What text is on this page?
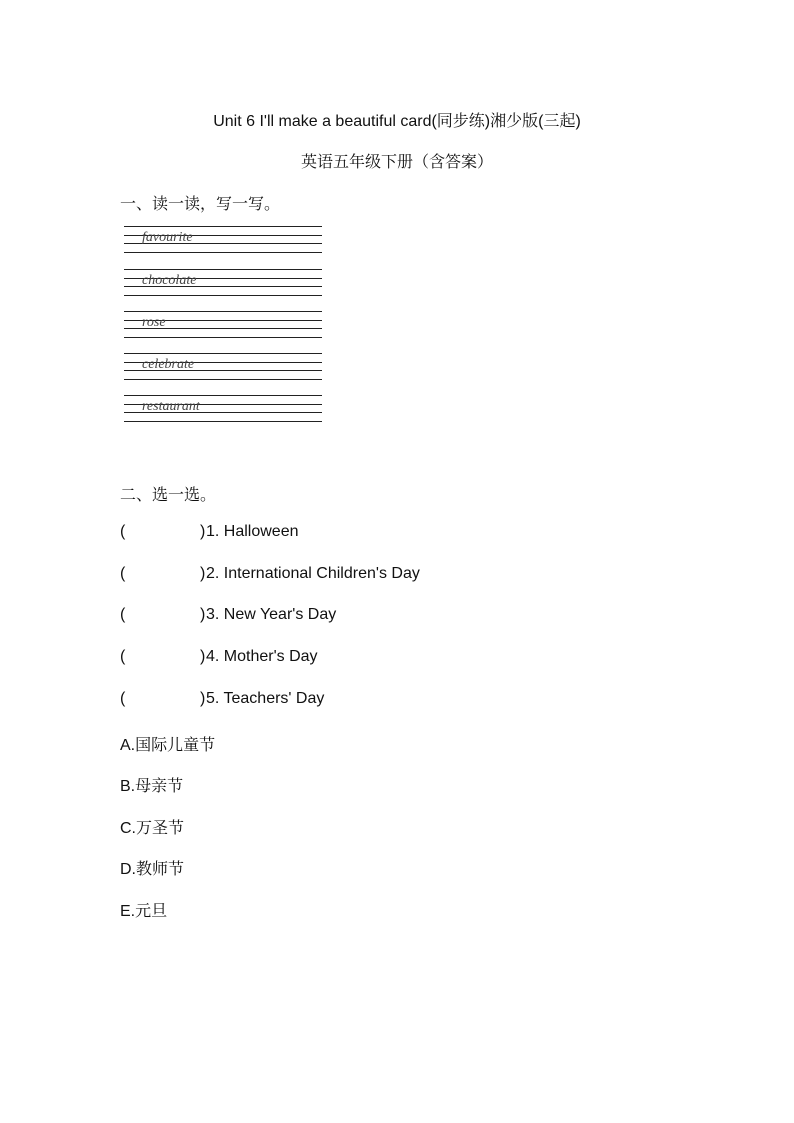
Unit 6 I'll make a beautiful card(同步练)湘少版(三起)
英语五年级下册（含答案）
一、读一读，写一写。
favourite
chocolate
rose
celebrate
restaurant
二、选一选。
(	) 1. Halloween
(	) 2. International Children's Day
(	) 3. New Year's Day
(	) 4. Mother's Day
(	) 5. Teachers' Day
A.国际儿童节
B.母亲节
C.万圣节
D.教师节
E.元旦
